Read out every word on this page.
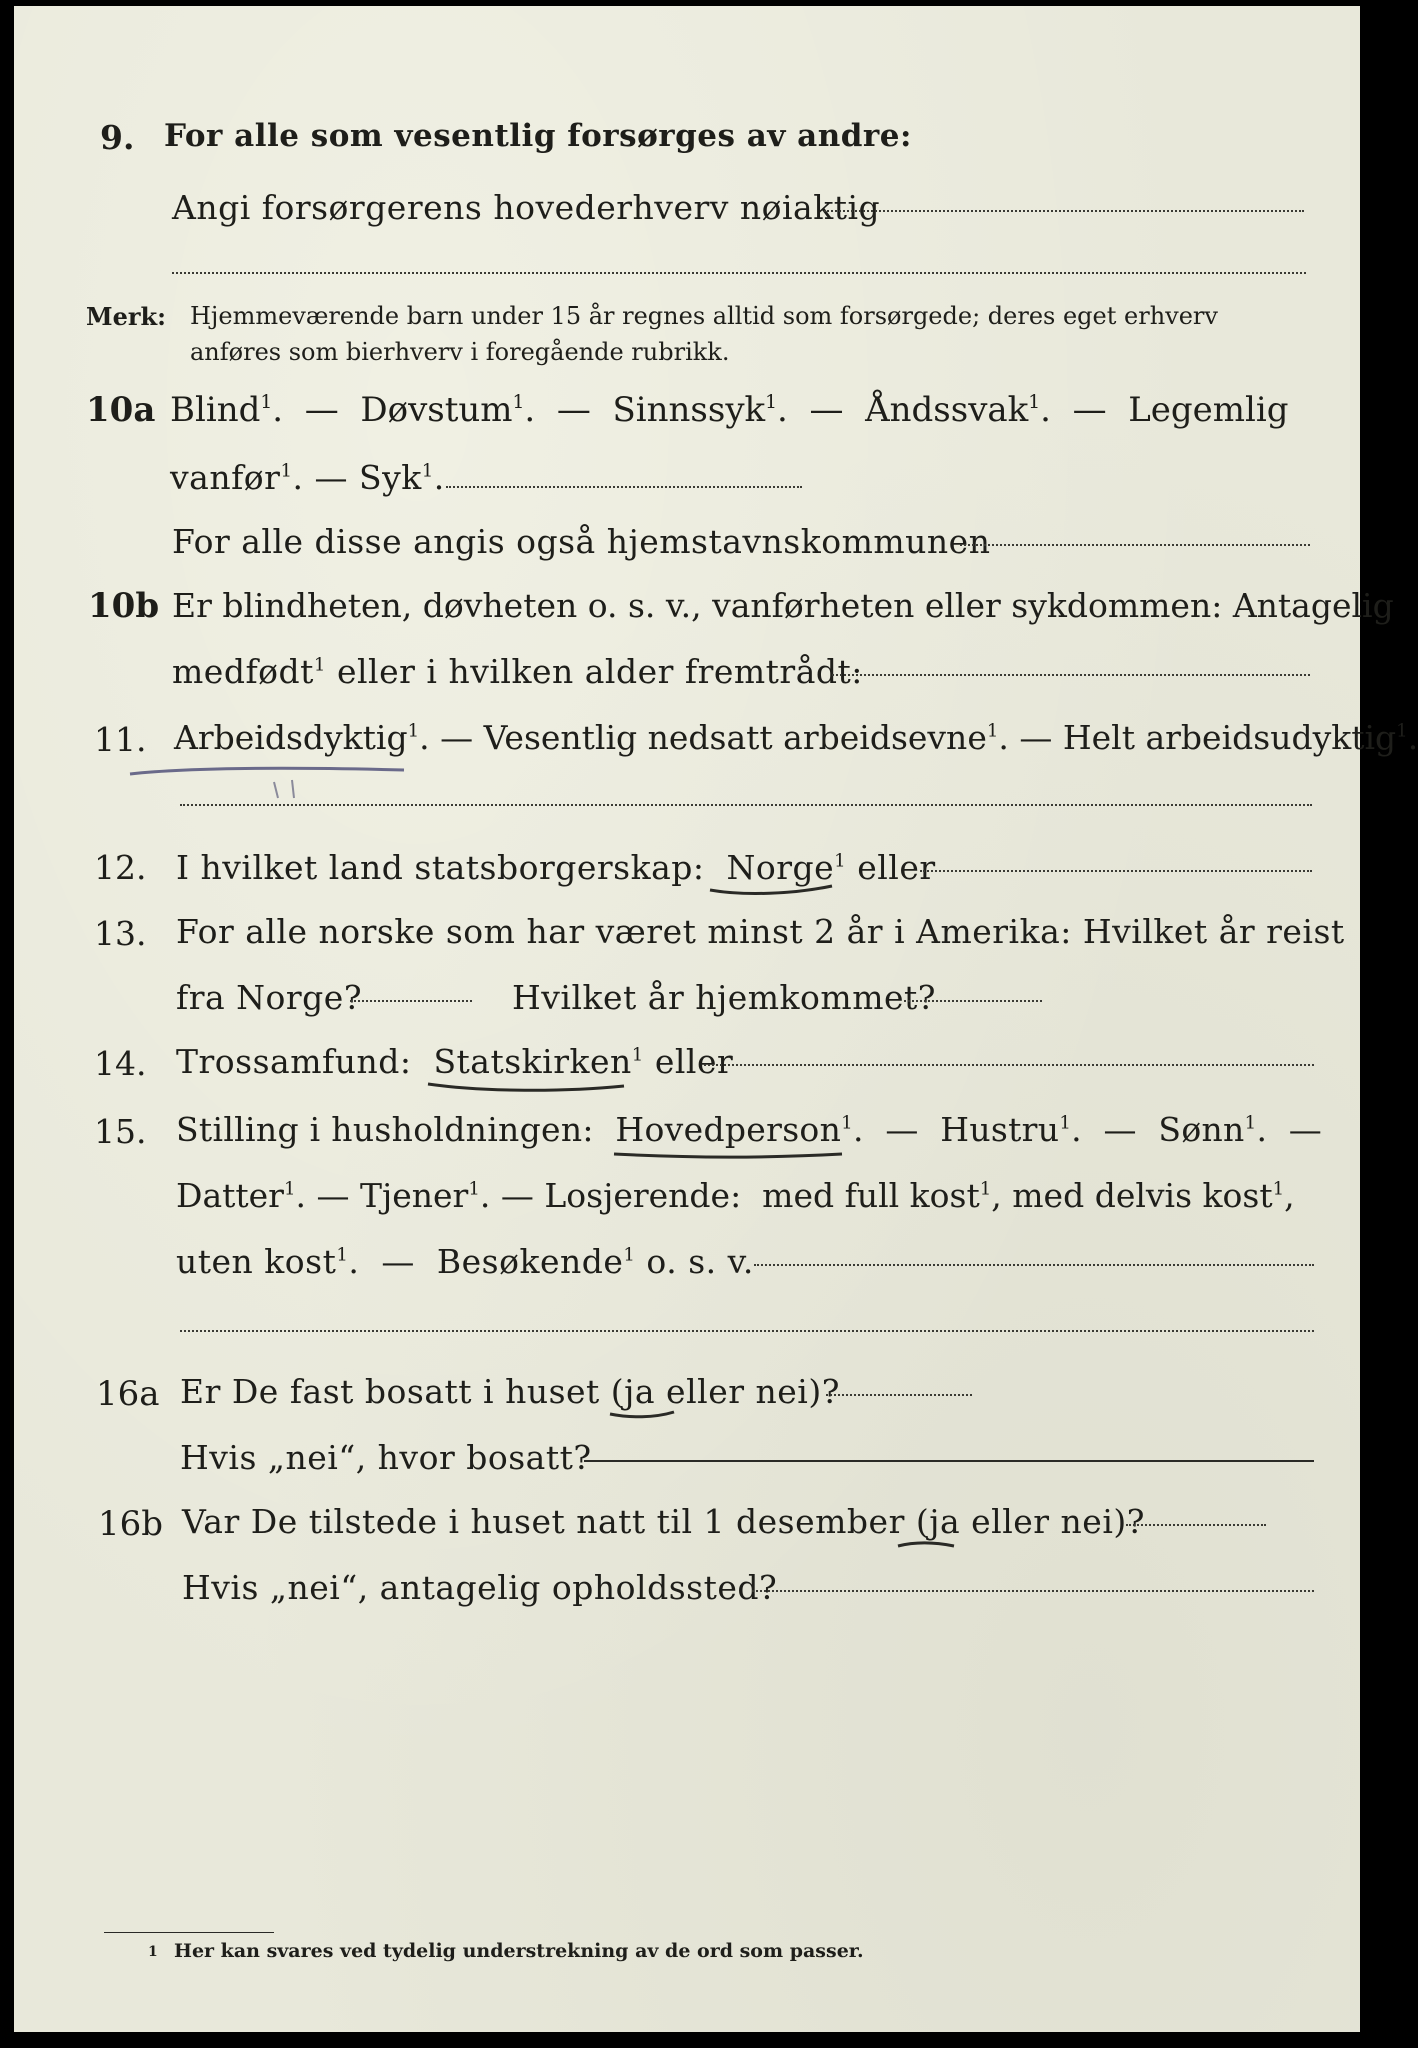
9. For alle som vesentlig forsørges av andre:
Angi forsørgerens hovederhverv nøiaktig
Merk: Hjemmeværende barn under 15 år regnes alltid som forsørgede; deres eget erhverv
anføres som bierhverv i foregående rubrikk.
10a Blind$^1$.  —  Døvstum$^1$.  —  Sinnssyk$^1$.  —  Åndssvak$^1$.  —  Legemlig
vanfør$^1$. — Syk$^1$.
For alle disse angis også hjemstavnskommunen
10b Er blindheten, døvheten o. s. v., vanførheten eller sykdommen: Antagelig
medfødt$^1$ eller i hvilken alder fremtrådt:
11. Arbeidsdyktig$^1$. — Vesentlig nedsatt arbeidsevne$^1$. — Helt arbeidsudyktig$^1$.
12. I hvilket land statsborgerskap: Norge$^1$ eller
13. For alle norske som har været minst 2 år i Amerika: Hvilket år reist
fra Norge?	Hvilket år hjemkommet?
14. Trossamfund: Statskirken$^1$ eller
15. Stilling i husholdningen: Hovedperson$^1$.  —  Hustru$^1$.  —  Sønn$^1$.  —
Datter$^1$. — Tjener$^1$. — Losjerende: med full kost$^1$, med delvis kost$^1$,
uten kost$^1$.  —  Besøkende$^1$ o. s. v.
16a Er De fast bosatt i huset (ja eller nei)?
Hvis „nei“, hvor bosatt?
16b Var De tilstede i huset natt til 1 desember (ja eller nei)?
Hvis „nei“, antagelig opholdssted?
1 Her kan svares ved tydelig understrekning av de ord som passer.
